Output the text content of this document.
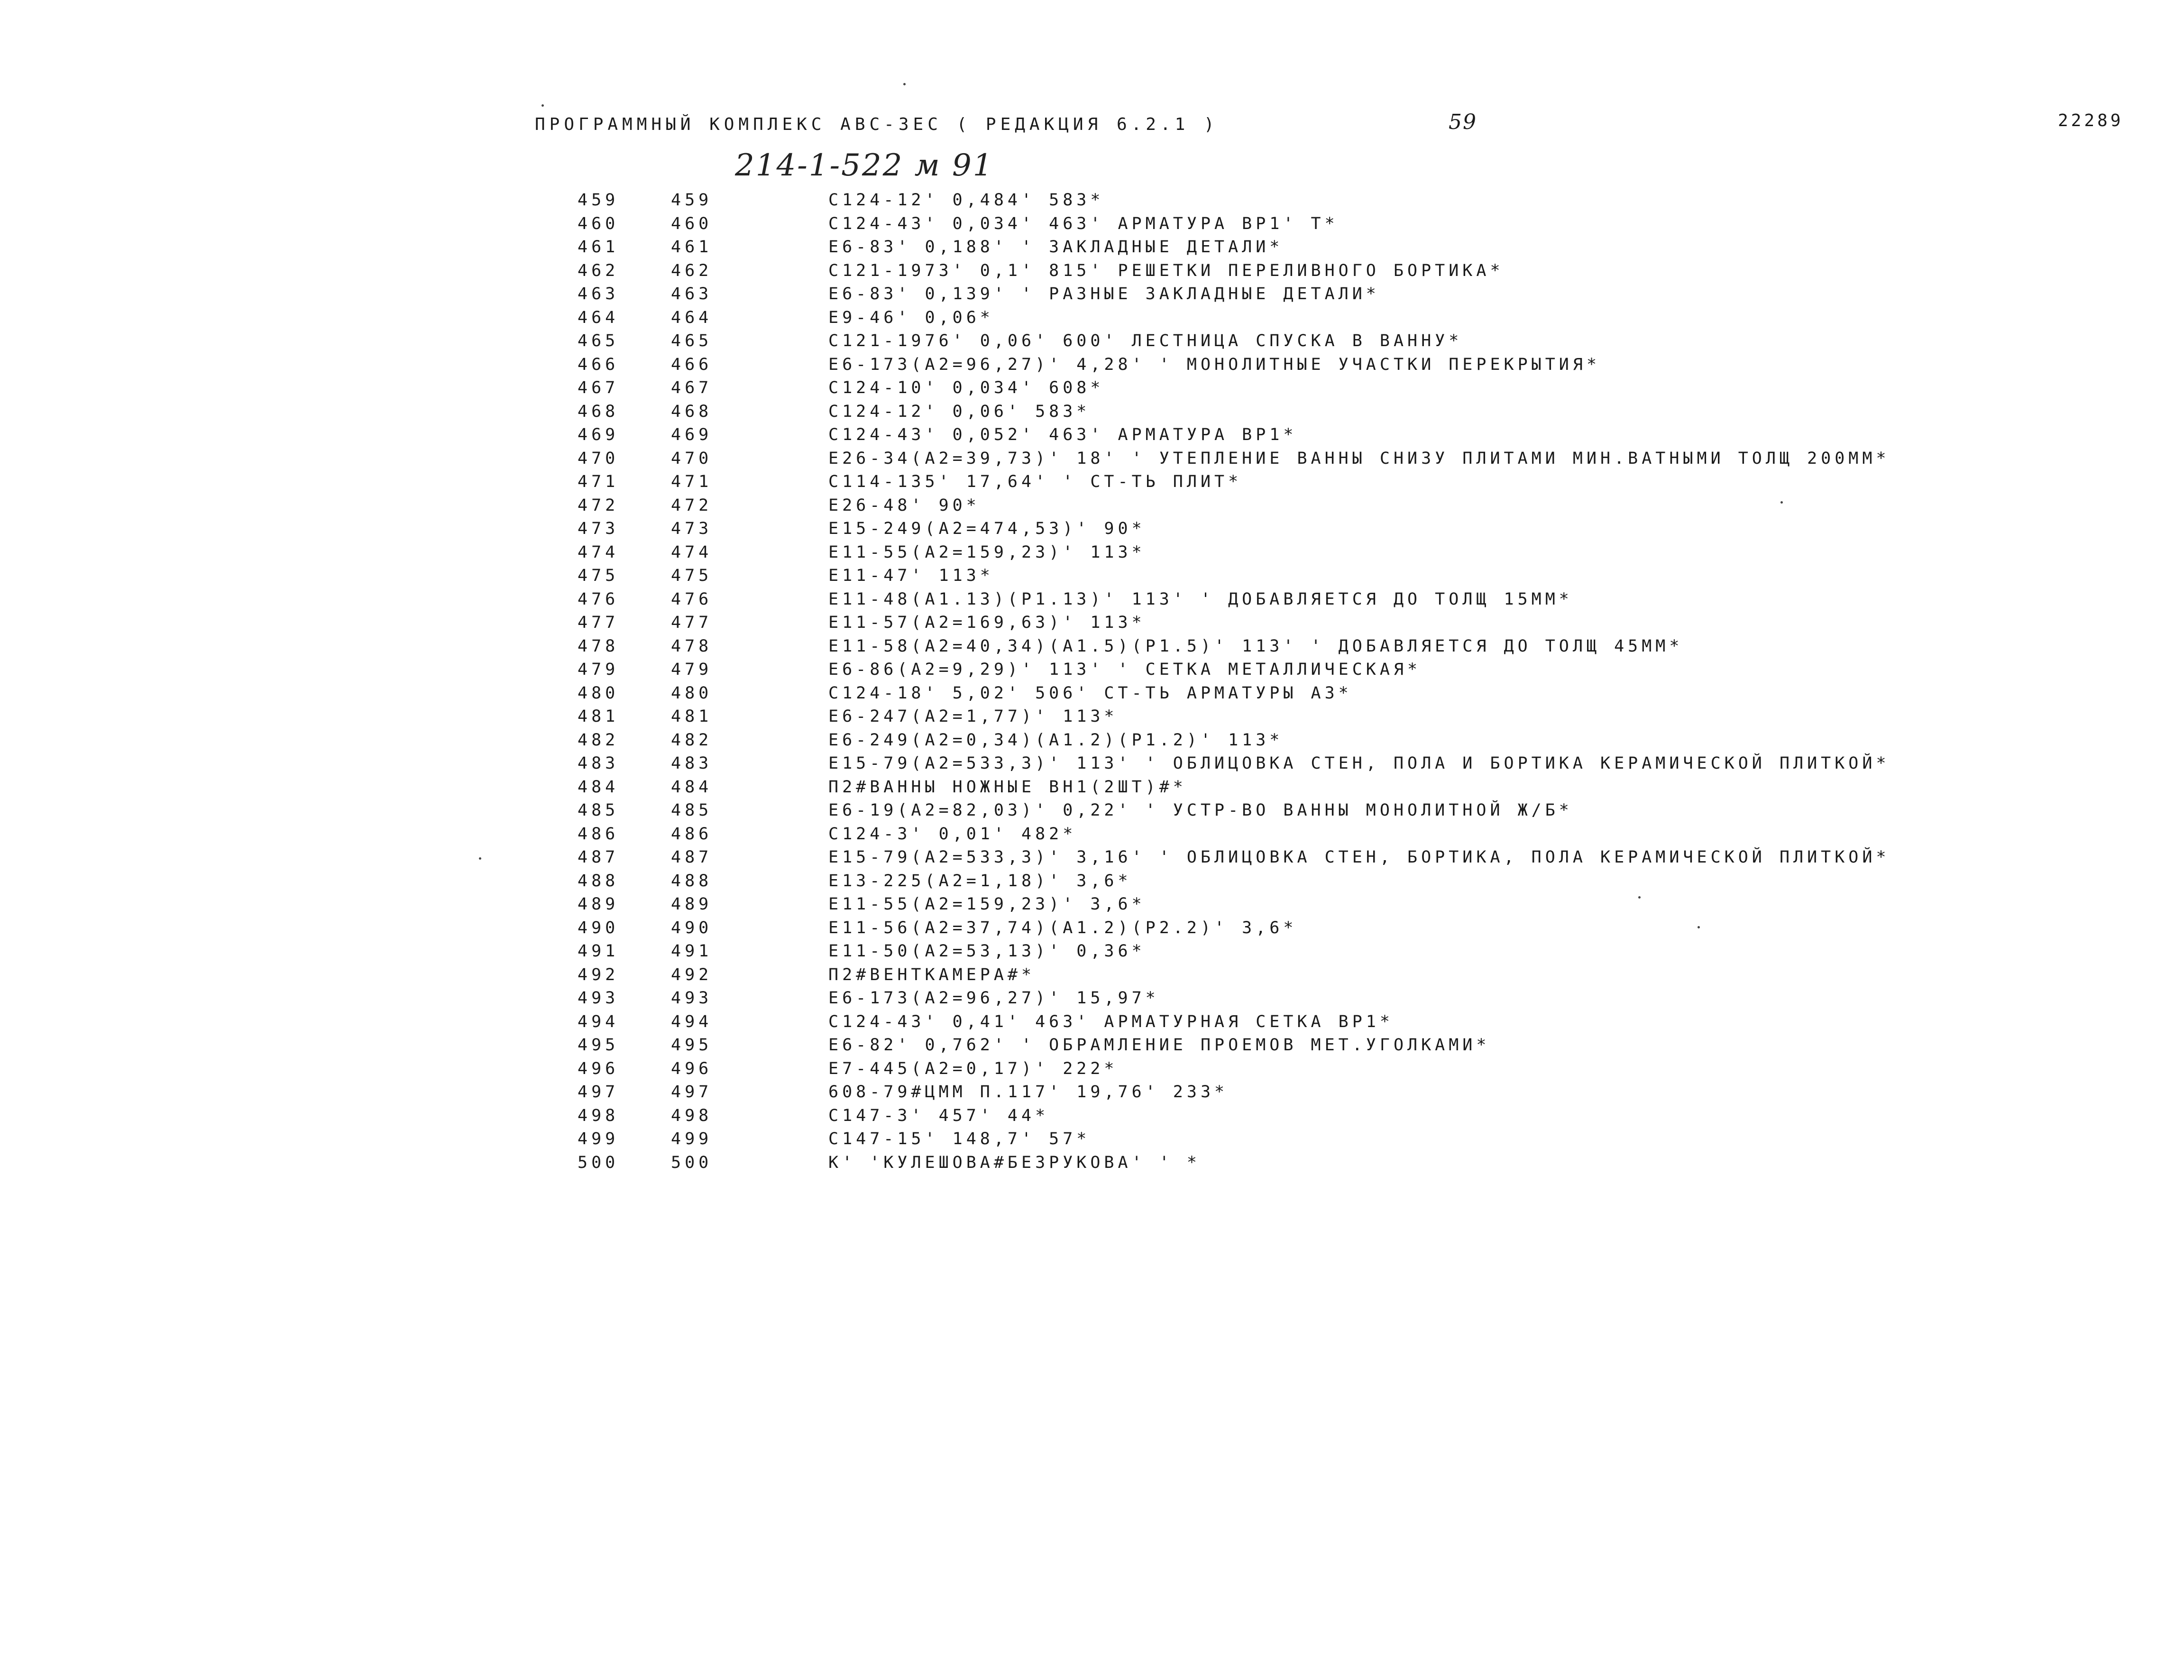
ПРОГРАММНЫЙ КОМПЛЕКС АВС-ЗЕС ( РЕДАКЦИЯ 6.2.1 )	59	22289
214-1-522 м 91
459	459	С124-12' 0,484' 583*
460	460	С124-43' 0,034' 463' АРМАТУРА ВР1' Т*
461	461	Е6-83' 0,188' ' ЗАКЛАДНЫЕ ДЕТАЛИ*
462	462	С121-1973' 0,1' 815' РЕШЕТКИ ПЕРЕЛИВНОГО БОРТИКА*
463	463	Е6-83' 0,139' ' РАЗНЫЕ ЗАКЛАДНЫЕ ДЕТАЛИ*
464	464	Е9-46' 0,06*
465	465	С121-1976' 0,06' 600' ЛЕСТНИЦА СПУСКА В ВАННУ*
466	466	Е6-173(А2=96,27)' 4,28' ' МОНОЛИТНЫЕ УЧАСТКИ ПЕРЕКРЫТИЯ*
467	467	С124-10' 0,034' 608*
468	468	С124-12' 0,06' 583*
469	469	С124-43' 0,052' 463' АРМАТУРА ВР1*
470	470	Е26-34(А2=39,73)' 18' ' УТЕПЛЕНИЕ ВАННЫ СНИЗУ ПЛИТАМИ МИН.ВАТНЫМИ ТОЛЩ 200ММ*
471	471	С114-135' 17,64' ' СТ-ТЬ ПЛИТ*
472	472	Е26-48' 90*
473	473	Е15-249(А2=474,53)' 90*
474	474	Е11-55(А2=159,23)' 113*
475	475	Е11-47' 113*
476	476	Е11-48(А1.13)(Р1.13)' 113' ' ДОБАВЛЯЕТСЯ ДО ТОЛЩ 15ММ*
477	477	Е11-57(А2=169,63)' 113*
478	478	Е11-58(А2=40,34)(А1.5)(Р1.5)' 113' ' ДОБАВЛЯЕТСЯ ДО ТОЛЩ 45ММ*
479	479	Е6-86(А2=9,29)' 113' ' СЕТКА МЕТАЛЛИЧЕСКАЯ*
480	480	С124-18' 5,02' 506' СТ-ТЬ АРМАТУРЫ А3*
481	481	Е6-247(А2=1,77)' 113*
482	482	Е6-249(А2=0,34)(А1.2)(Р1.2)' 113*
483	483	Е15-79(А2=533,3)' 113' ' ОБЛИЦОВКА СТЕН, ПОЛА И БОРТИКА КЕРАМИЧЕСКОЙ ПЛИТКОЙ*
484	484	П2#ВАННЫ НОЖНЫЕ ВН1(2ШТ)#*
485	485	Е6-19(А2=82,03)' 0,22' ' УСТР-ВО ВАННЫ МОНОЛИТНОЙ Ж/Б*
486	486	С124-3' 0,01' 482*
487	487	Е15-79(А2=533,3)' 3,16' ' ОБЛИЦОВКА СТЕН, БОРТИКА, ПОЛА КЕРАМИЧЕСКОЙ ПЛИТКОЙ*
488	488	Е13-225(А2=1,18)' 3,6*
489	489	Е11-55(А2=159,23)' 3,6*
490	490	Е11-56(А2=37,74)(А1.2)(Р2.2)' 3,6*
491	491	Е11-50(А2=53,13)' 0,36*
492	492	П2#ВЕНТКАМЕРА#*
493	493	Е6-173(А2=96,27)' 15,97*
494	494	С124-43' 0,41' 463' АРМАТУРНАЯ СЕТКА ВР1*
495	495	Е6-82' 0,762' ' ОБРАМЛЕНИЕ ПРОЕМОВ МЕТ.УГОЛКАМИ*
496	496	Е7-445(А2=0,17)' 222*
497	497	608-79#ЦММ П.117' 19,76' 233*
498	498	С147-3' 457' 44*
499	499	С147-15' 148,7' 57*
500	500	К' 'КУЛЕШОВА#БЕЗРУКОВА' ' *
